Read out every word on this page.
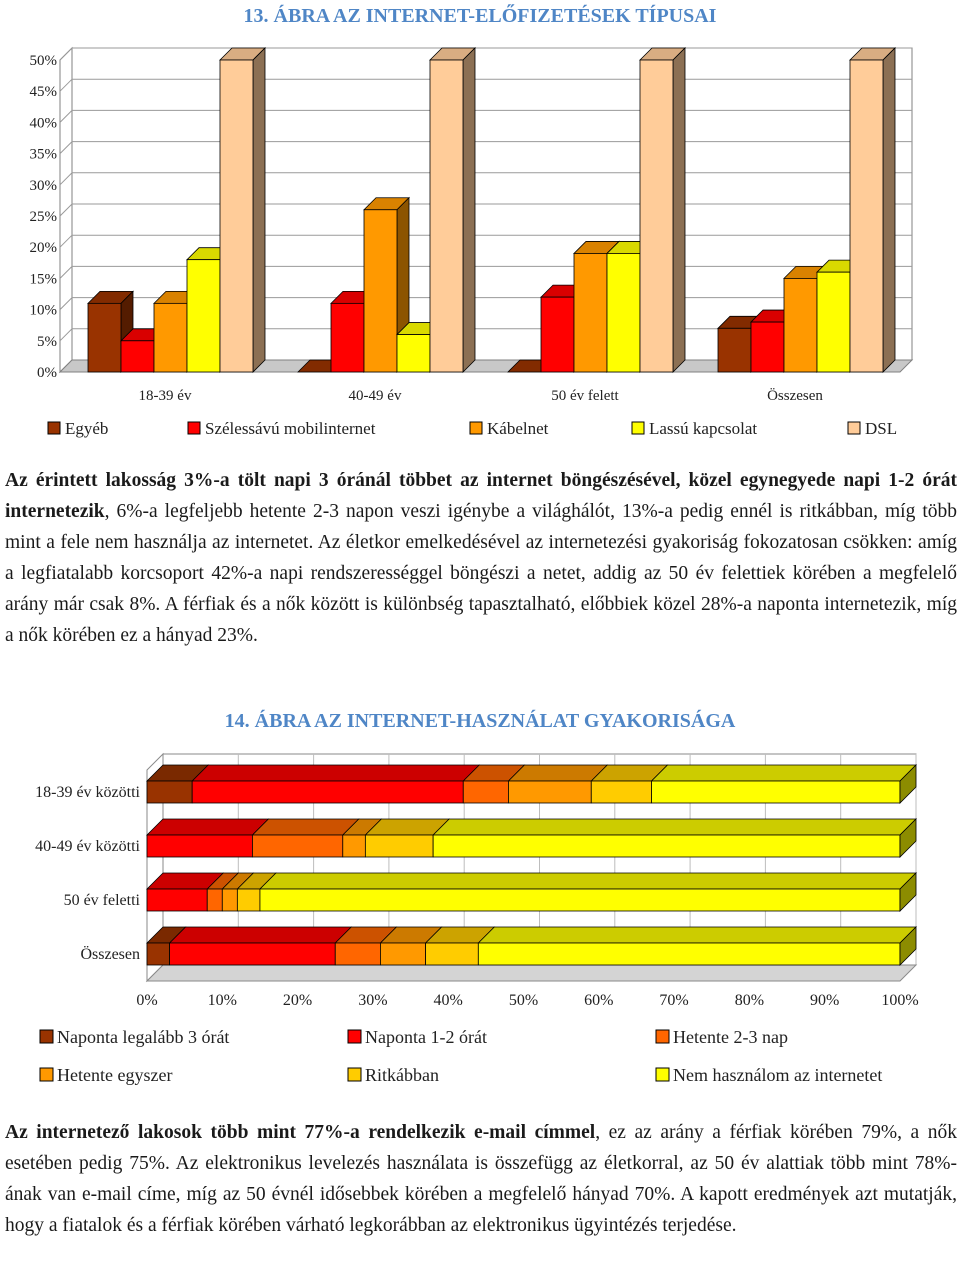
13. ÁBRA AZ INTERNET-ELŐFIZETÉSEK TÍPUSAI
0%
5%
10%
15%
20%
25%
30%
35%
40%
45%
50%
18-39 év	40-49 év	50 év felett	Összesen
Egyéb	Szélessávú mobilinternet	Kábelnet	Lassú kapcsolat	DSL

Az érintett lakosság 3%-a tölt napi 3 óránál többet az internet böngészésével, közel egynegyede napi 1-2 órát internetezik, 6%-a legfeljebb hetente 2-3 napon veszi igénybe a világhálót, 13%-a pedig ennél is ritkábban, míg több mint a fele nem használja az internetet. Az életkor emelkedésével az internetezési gyakoriság fokozatosan csökken: amíg a legfiatalabb korcsoport 42%-a napi rendszerességgel böngészi a netet, addig az 50 év felettiek körében a megfelelő arány már csak 8%. A férfiak és a nők között is különbség tapasztalható, előbbiek közel 28%-a naponta internetezik, míg a nők körében ez a hányad 23%.

14. ÁBRA AZ INTERNET-HASZNÁLAT GYAKORISÁGA
0%	10%	20%	30%	40%	50%	60%	70%	80%	90%	100%
18-39 év közötti
40-49 év közötti
50 év feletti
Összesen
Naponta legalább 3 órát	Naponta 1-2 órát	Hetente 2-3 nap
Hetente egyszer	Ritkábban	Nem használom az internetet

Az internetező lakosok több mint 77%-a rendelkezik e-mail címmel, ez az arány a férfiak körében 79%, a nők esetében pedig 75%. Az elektronikus levelezés használata is összefügg az életkorral, az 50 év alattiak több mint 78%-ának van e-mail címe, míg az 50 évnél idősebbek körében a megfelelő hányad 70%. A kapott eredmények azt mutatják, hogy a fiatalok és a férfiak körében várható legkorábban az elektronikus ügyintézés terjedése.
